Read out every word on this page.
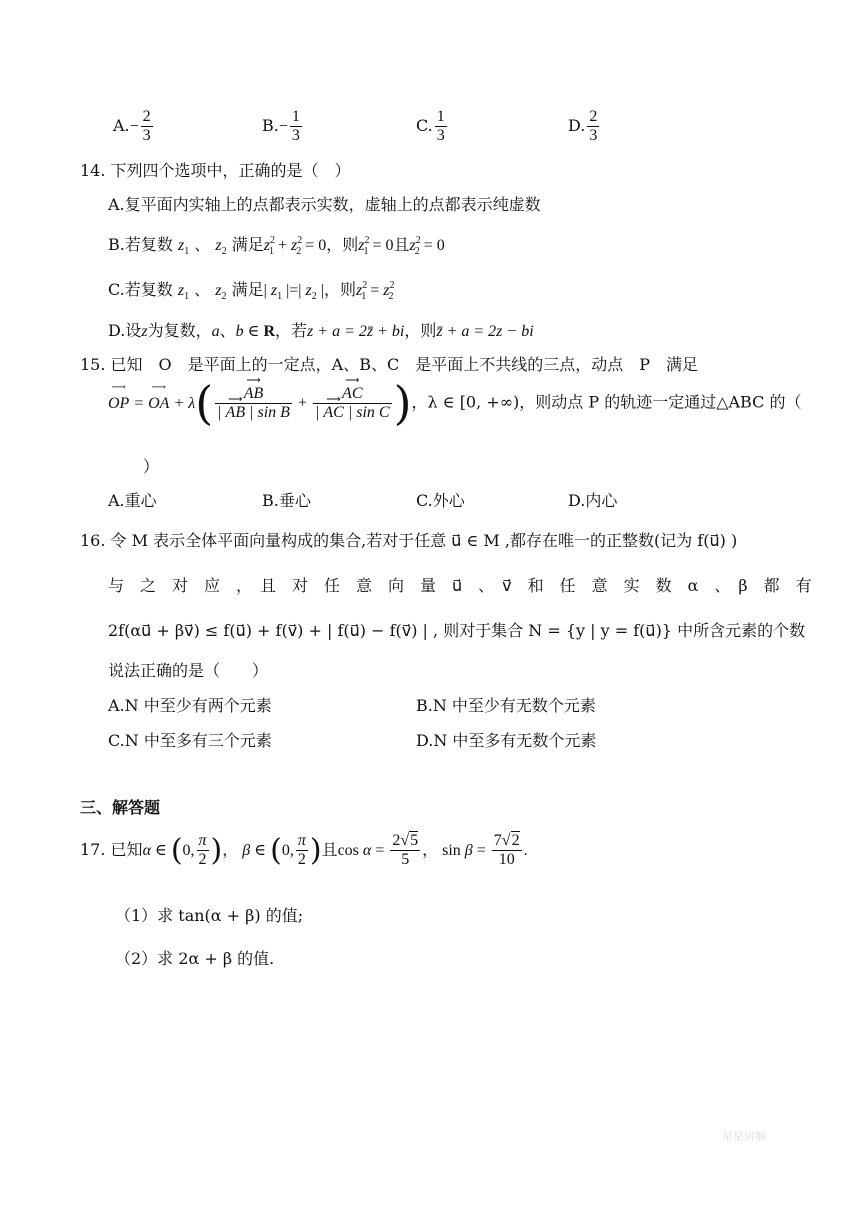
$A.- \frac{2}{3}$	$B.- \frac{1}{3}$	C. $\frac{1}{3}$	D. $\frac{2}{3}$
14. 下列四个选项中，正确的是（　）
A.复平面内实轴上的点都表示实数，虚轴上的点都表示纯虚数
B.若复数 $z_1$ 、 $z_2$ 满足$z^2_1 + z^2_2 = 0$，则$z^2_1 = 0$且$z^2_2 = 0$
C.若复数 $z_1$ 、 $z_2$ 满足| $z_1$ |=| $z_2$ |，则$z^2_1 = z^2_2$
D.设z为复数，a、b ∈ R，若z + a = 2z̄ + bi，则z̄ + a = 2z − bi
15. 已知　O　是平面上的一定点，A、B、C　是平面上不共线的三点，动点　P　满足
⟶ OP = ⟶ OA + λ( ⟶ $\frac{AB}{\text{| ⟶ AB | sin B}}$ + ⟶ $\frac{AC}{\text{| ⟶ AC | sin C}}$ )，λ ∈ [0, +∞)，则动点 P 的轨迹一定通过△ABC 的（
）
A.重心	B.垂心	C.外心	D.内心
16. 令 M 表示全体平面向量构成的集合,若对于任意 u⃗ ∈ M ,都存在唯一的正整数(记为 f(u⃗) )
与　之　对　应　，　且　对　任　意　向　量　u⃗　、　v⃗　和　任　意　实　数　α　、　β　都　有
2f(αu⃗ + βv⃗) ≤ f(u⃗) + f(v⃗) + | f(u⃗) − f(v⃗) | , 则对于集合 N = {y | y = f(u⃗)} 中所含元素的个数
说法正确的是（　　）
A.N 中至少有两个元素	B.N 中至少有无数个元素
C.N 中至多有三个元素	D.N 中至多有无数个元素
三、解答题
17. 已知α ∈ (0, $\frac{\pi}{2}$ )， β ∈ (0, $\frac{\pi}{2}$ )且$\cos \alpha = \frac{2√5}{5}$ ， $\sin \beta = \frac{7√2}{10}$ .
（1）求 tan(α + β) 的值;
（2）求 2α + β 的值.
星星讲解
